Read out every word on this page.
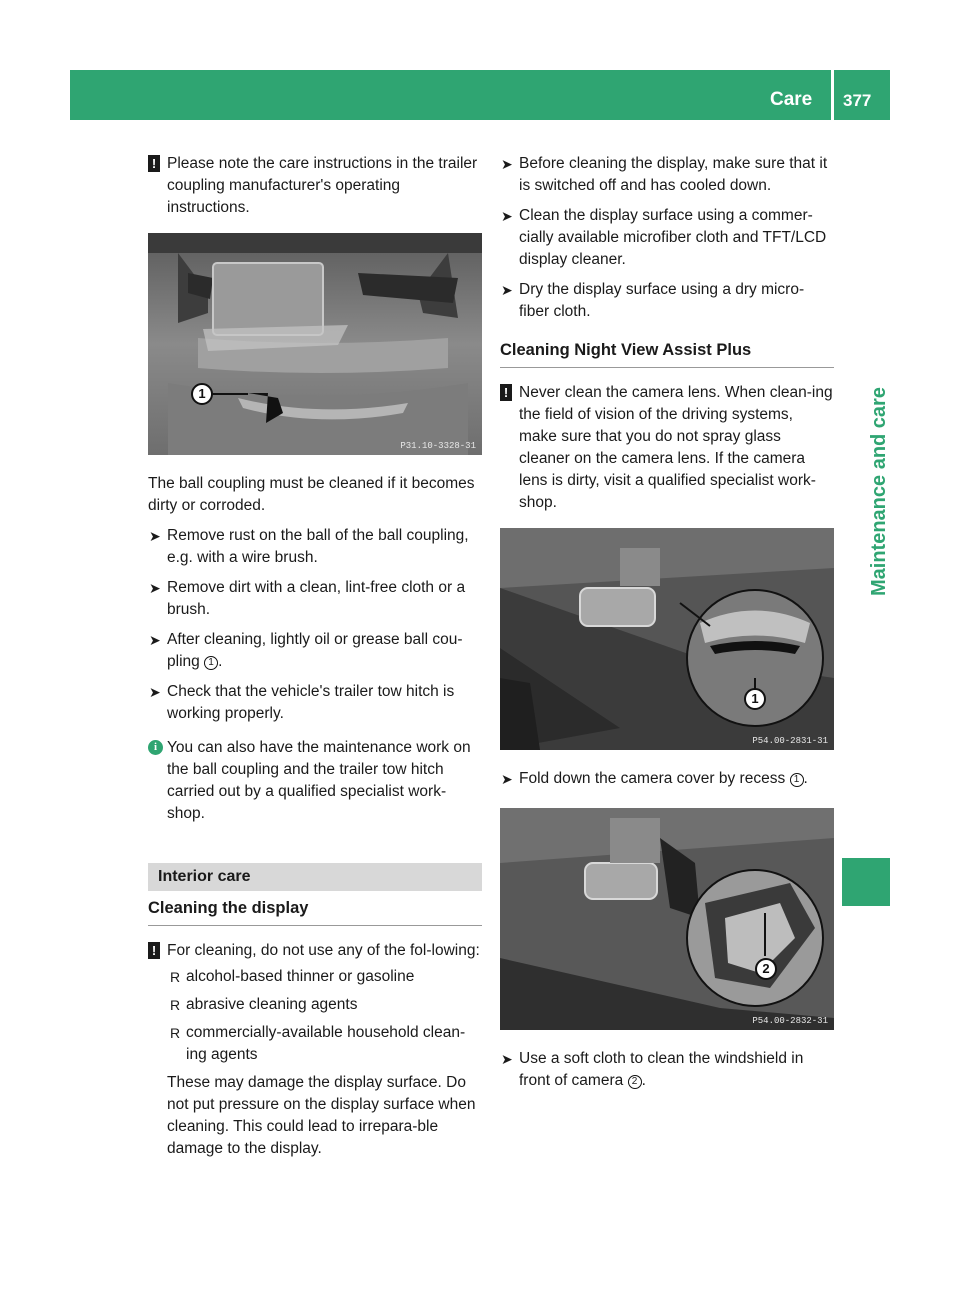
Care 377
Maintenance and care
! Please note the care instructions in the trailer coupling manufacturer's operating instructions.
1
P31.10-3328-31

The ball coupling must be cleaned if it becomes dirty or corroded.

➤ Remove rust on the ball of the ball coupling, e.g. with a wire brush.
➤ Remove dirt with a clean, lint-free cloth or a brush.
➤ After cleaning, lightly oil or grease ball cou-pling 1 .
➤ Check that the vehicle's trailer tow hitch is working properly.
i You can also have the maintenance work on the ball coupling and the trailer tow hitch carried out by a qualified specialist work-shop.
Interior care
Cleaning the display
! For cleaning, do not use any of the fol-lowing:
R alcohol-based thinner or gasoline
R abrasive cleaning agents
R commercially-available household clean-ing agents

These may damage the display surface. Do not put pressure on the display surface when cleaning. This could lead to irrepara-ble damage to the display.

➤ Before cleaning the display, make sure that it is switched off and has cooled down.
➤ Clean the display surface using a commer-cially available microfiber cloth and TFT/LCD display cleaner.
➤ Dry the display surface using a dry micro-fiber cloth.
Cleaning Night View Assist Plus
! Never clean the camera lens. When clean-ing the field of vision of the driving systems, make sure that you do not spray glass cleaner on the camera lens. If the camera lens is dirty, visit a qualified specialist work-shop.
1
P54.00-2831-31
➤ Fold down the camera cover by recess 1 .
2
P54.00-2832-31
➤ Use a soft cloth to clean the windshield in front of camera 2 .
